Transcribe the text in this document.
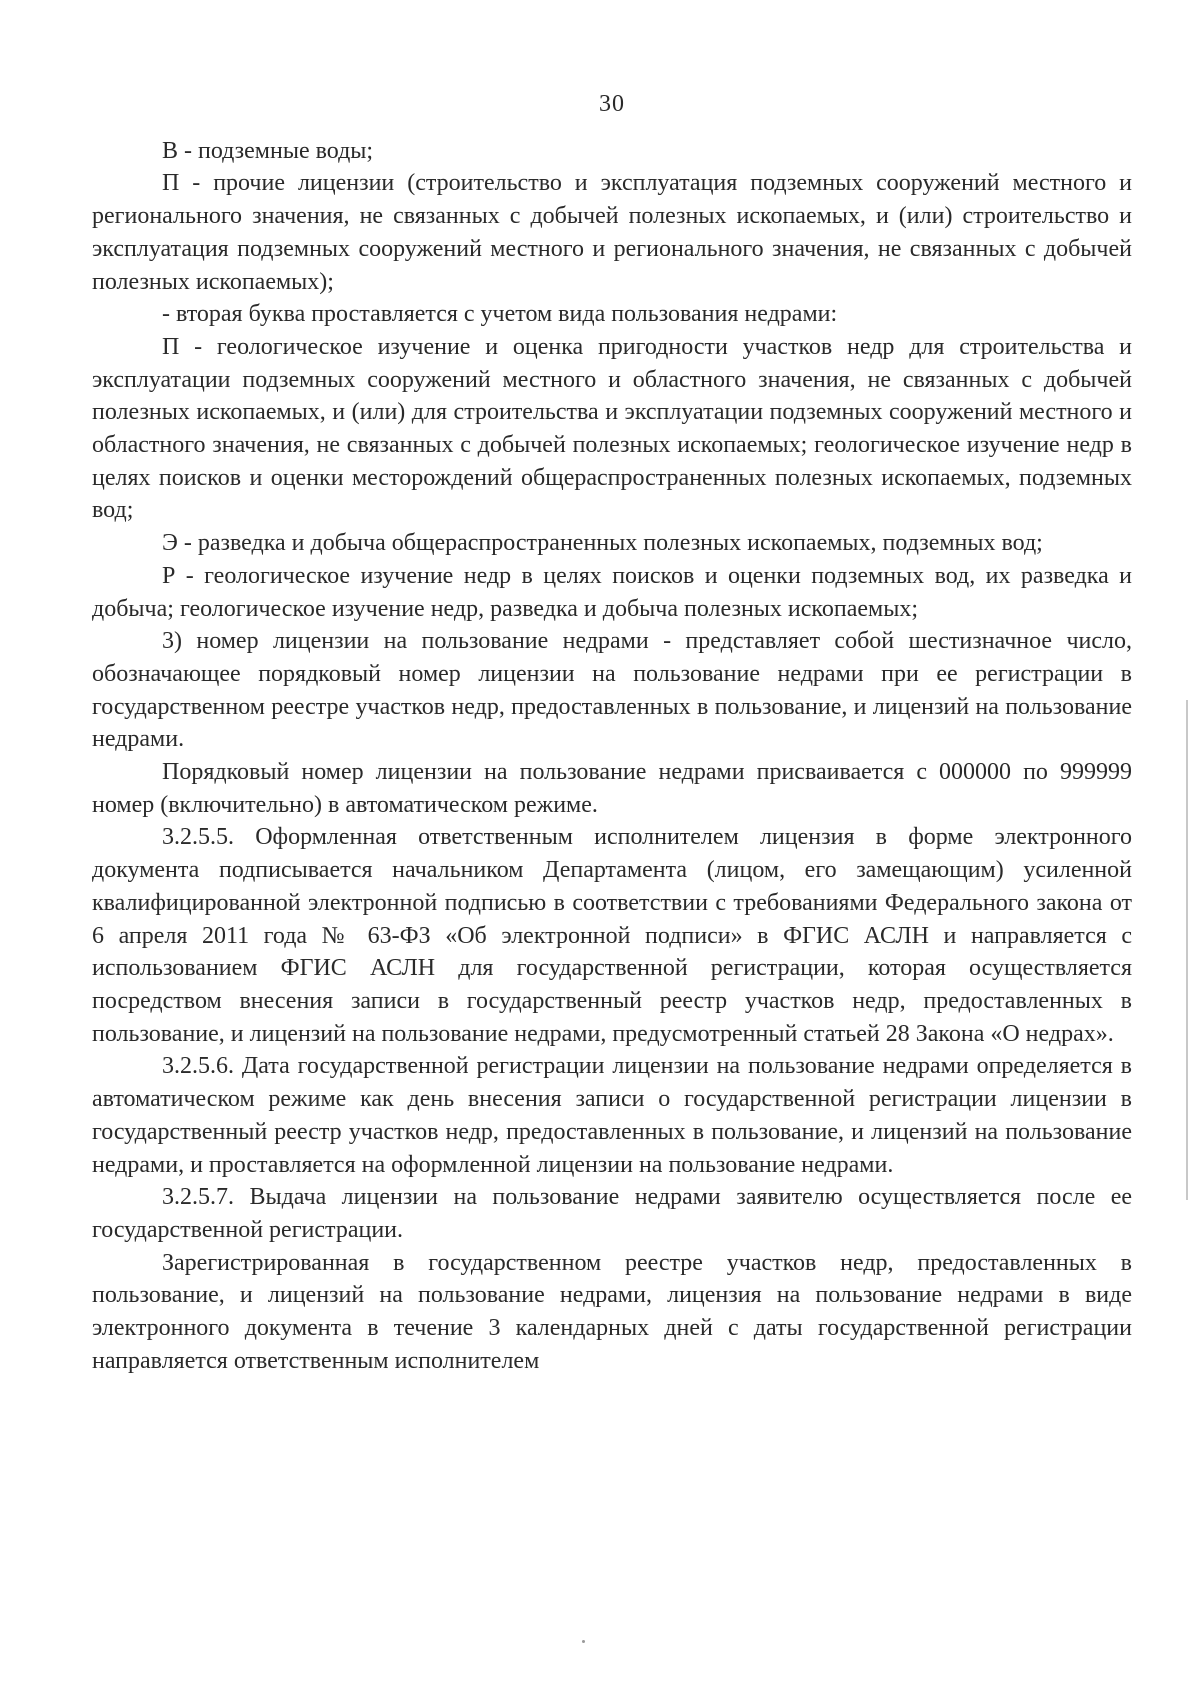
30

В - подземные воды;

П - прочие лицензии (строительство и эксплуатация подземных сооружений местного и регионального значения, не связанных с добычей полезных ископаемых, и (или) строительство и эксплуатация подземных сооружений местного и регионального значения, не связанных с добычей полезных ископаемых);

- вторая буква проставляется с учетом вида пользования недрами:

П - геологическое изучение и оценка пригодности участков недр для строительства и эксплуатации подземных сооружений местного и областного значения, не связанных с добычей полезных ископаемых, и (или) для строительства и эксплуатации подземных сооружений местного и областного значения, не связанных с добычей полезных ископаемых; геологическое изучение недр в целях поисков и оценки месторождений общераспространенных полезных ископаемых, подземных вод;

Э - разведка и добыча общераспространенных полезных ископаемых, подземных вод;

Р - геологическое изучение недр в целях поисков и оценки подземных вод, их разведка и добыча; геологическое изучение недр, разведка и добыча полезных ископаемых;

3) номер лицензии на пользование недрами - представляет собой шестизначное число, обозначающее порядковый номер лицензии на пользование недрами при ее регистрации в государственном реестре участков недр, предоставленных в пользование, и лицензий на пользование недрами.

Порядковый номер лицензии на пользование недрами присваивается с 000000 по 999999 номер (включительно) в автоматическом режиме.

3.2.5.5. Оформленная ответственным исполнителем лицензия в форме электронного документа подписывается начальником Департамента (лицом, его замещающим) усиленной квалифицированной электронной подписью в соответствии с требованиями Федерального закона от 6 апреля 2011 года № 63-ФЗ «Об электронной подписи» в ФГИС АСЛН и направляется с использованием ФГИС АСЛН для государственной регистрации, которая осуществляется посредством внесения записи в государственный реестр участков недр, предоставленных в пользование, и лицензий на пользование недрами, предусмотренный статьей 28 Закона «О недрах».

3.2.5.6. Дата государственной регистрации лицензии на пользование недрами определяется в автоматическом режиме как день внесения записи о государственной регистрации лицензии в государственный реестр участков недр, предоставленных в пользование, и лицензий на пользование недрами, и проставляется на оформленной лицензии на пользование недрами.

3.2.5.7. Выдача лицензии на пользование недрами заявителю осуществляется после ее государственной регистрации.

Зарегистрированная в государственном реестре участков недр, предоставленных в пользование, и лицензий на пользование недрами, лицензия на пользование недрами в виде электронного документа в течение 3 календарных дней с даты государственной регистрации направляется ответственным исполнителем
